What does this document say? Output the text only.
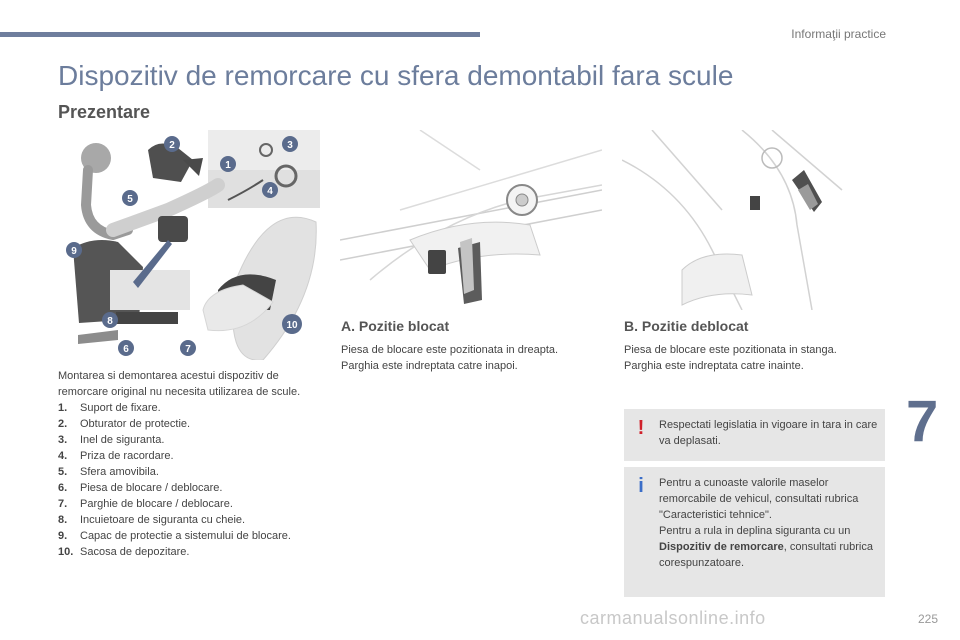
Informaţii practice
Dispozitiv de remorcare cu sfera demontabil fara scule
Prezentare
1
2	3
4
5
6	7
8
9
10
Montarea si demontarea acestui dispozitiv de remorcare original nu necesita utilizarea de scule.
1.	Suport de fixare.
2.	Obturator de protectie.
3.	Inel de siguranta.
4.	Priza de racordare.
5.	Sfera amovibila.
6.	Piesa de blocare / deblocare.
7.	Parghie de blocare / deblocare.
8.	Incuietoare de siguranta cu cheie.
9.	Capac de protectie a sistemului de blocare.
10. Sacosa de depozitare.
A. Pozitie blocat
Piesa de blocare este pozitionata in dreapta.
Parghia este indreptata catre inapoi.
B. Pozitie deblocat
Piesa de blocare este pozitionata in stanga.
Parghia este indreptata catre inainte.
!	Respectati legislatia in vigoare in tara in care va deplasati.
i	Pentru a cunoaste valorile maselor remorcabile de vehicul, consultati rubrica "Caracteristici tehnice".
Pentru a rula in deplina siguranta cu un Dispozitiv de remorcare, consultati rubrica corespunzatoare.
7
carmanualsonline.info	225
